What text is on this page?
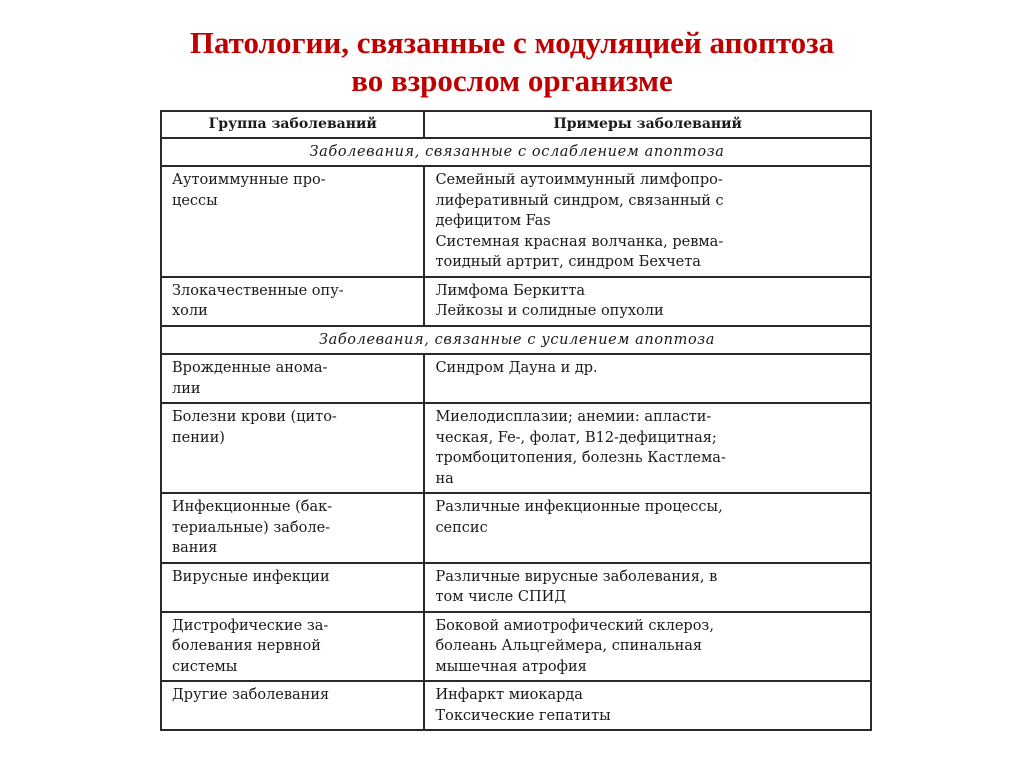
Патологии, связанные с модуляцией апоптоза
во взрослом организме
Группа заболеваний	Примеры заболеваний
Заболевания, связанные с ослаблением апоптоза	

Аутоиммунные про-
цессы	Семейный аутоиммунный лимфопро-
лиферативный синдром, связанный с
дефицитом Fas
Системная красная волчанка, ревма-
тоидный артрит, синдром Бехчета

Злокачественные опу-
холи	Лимфома Беркитта
Лейкозы и солидные опухоли

Заболевания, связанные с усилением апоптоза	

Врожденные анома-
лии	Синдром Дауна и др.

Болезни крови (цито-
пении)	Миелодисплазии; анемии: апласти-
ческая, Fe-, фолат, B12-дефицитная;
тромбоцитопения, болезнь Кастлема-
на

Инфекционные (бак-
териальные) заболе-
вания	Различные инфекционные процессы,
сепсис

Вирусные инфекции	Различные вирусные заболевания, в
том числе СПИД

Дистрофические за-
болевания нервной
системы	Боковой амиотрофический склероз,
болеань Альцгеймера, спинальная
мышечная атрофия

Другие заболевания	Инфаркт миокарда
Токсические гепатиты
